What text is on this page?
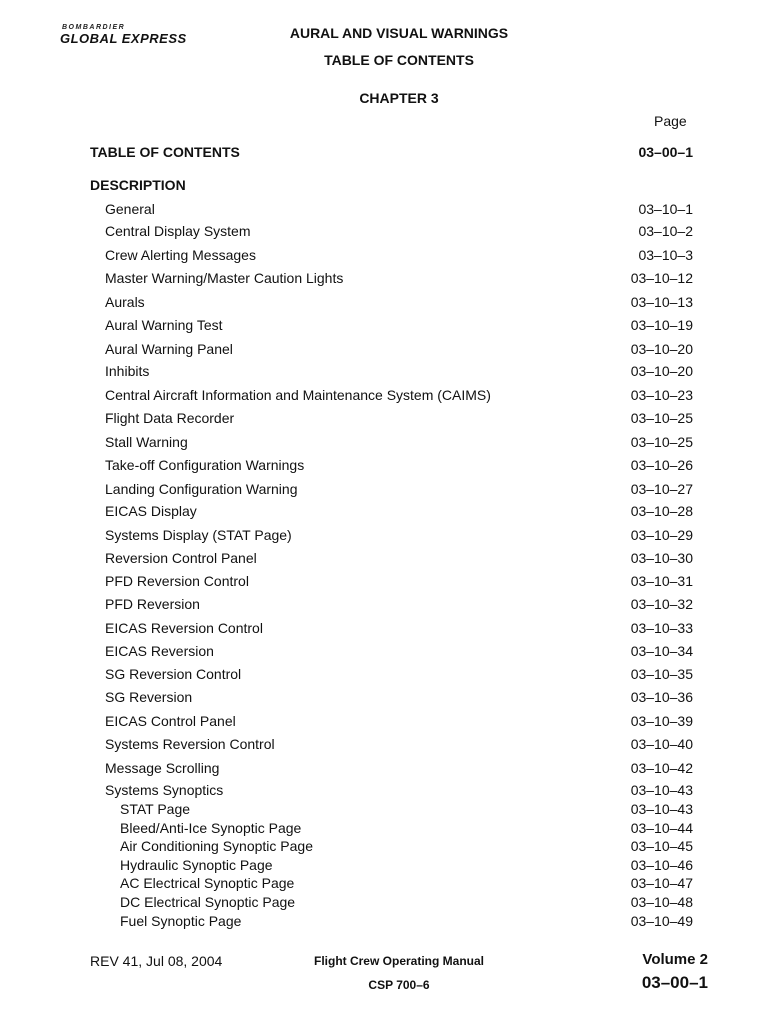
BOMBARDIER
GLOBAL EXPRESS	AURAL AND VISUAL WARNINGS
TABLE OF CONTENTS
CHAPTER 3
Page
TABLE OF CONTENTS	03–00–1
DESCRIPTION
General	03–10–1
Central Display System	03–10–2
Crew Alerting Messages	03–10–3
Master Warning/Master Caution Lights	03–10–12
Aurals	03–10–13
Aural Warning Test	03–10–19
Aural Warning Panel	03–10–20
Inhibits	03–10–20
Central Aircraft Information and Maintenance System (CAIMS)	03–10–23
Flight Data Recorder	03–10–25
Stall Warning	03–10–25
Take-off Configuration Warnings	03–10–26
Landing Configuration Warning	03–10–27
EICAS Display	03–10–28
Systems Display (STAT Page)	03–10–29
Reversion Control Panel	03–10–30
PFD Reversion Control	03–10–31
PFD Reversion	03–10–32
EICAS Reversion Control	03–10–33
EICAS Reversion	03–10–34
SG Reversion Control	03–10–35
SG Reversion	03–10–36
EICAS Control Panel	03–10–39
Systems Reversion Control	03–10–40
Message Scrolling	03–10–42
Systems Synoptics	03–10–43
STAT Page	03–10–43
Bleed/Anti-Ice Synoptic Page	03–10–44
Air Conditioning Synoptic Page	03–10–45
Hydraulic Synoptic Page	03–10–46
AC Electrical Synoptic Page	03–10–47
DC Electrical Synoptic Page	03–10–48
Fuel Synoptic Page	03–10–49
REV 41, Jul 08, 2004	Flight Crew Operating Manual
CSP 700–6
Volume 2
03–00–1
